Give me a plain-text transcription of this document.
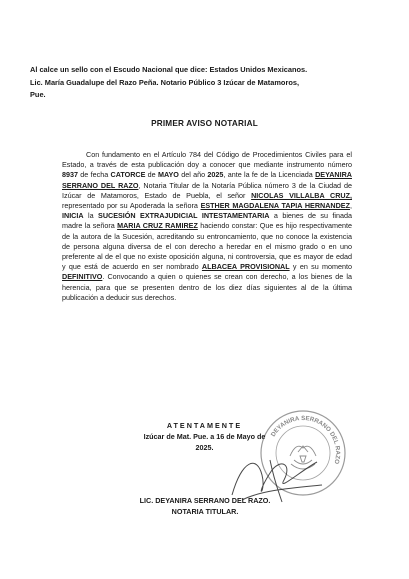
Al calce un sello con el Escudo Nacional que dice: Estados Unidos Mexicanos.
Lic. María Guadalupe del Razo Peña. Notario Público 3 Izúcar de Matamoros,
Pue.
PRIMER AVISO NOTARIAL
Con fundamento en el Artículo 784 del Código de Procedimientos Civiles para el Estado, a través de esta publicación doy a conocer que mediante instrumento número 8937 de fecha CATORCE de MAYO del año 2025, ante la fe de la Licenciada DEYANIRA SERRANO DEL RAZO, Notaria Titular de la Notaría Pública número 3 de la Ciudad de Izúcar de Matamoros, Estado de Puebla, el señor NICOLAS VILLALBA CRUZ, representado por su Apoderada la señora ESTHER MAGDALENA TAPIA HERNANDEZ, INICIA la SUCESIÓN EXTRAJUDICIAL INTESTAMENTARIA a bienes de su finada madre la señora MARIA CRUZ RAMIREZ haciendo constar: Que es hijo respectivamente de la autora de la Sucesión, acreditando su entroncamiento, que no conoce la existencia de persona alguna diversa de el con derecho a heredar en el mismo grado o en uno preferente al de el que no existe oposición alguna, ni controversia, que es mayor de edad y que está de acuerdo en ser nombrado ALBACEA PROVISIONAL y en su momento DEFINITIVO. Convocando a quien o quienes se crean con derecho, a los bienes de la herencia, para que se presenten dentro de los diez días siguientes al de la última publicación a deducir sus derechos.
DEYANIRA SERRANO DEL RAZO
ATENTAMENTE
Izúcar de Mat. Pue. a 16 de Mayo de
2025.
LIC. DEYANIRA SERRANO DEL RAZO.
NOTARIA TITULAR.
